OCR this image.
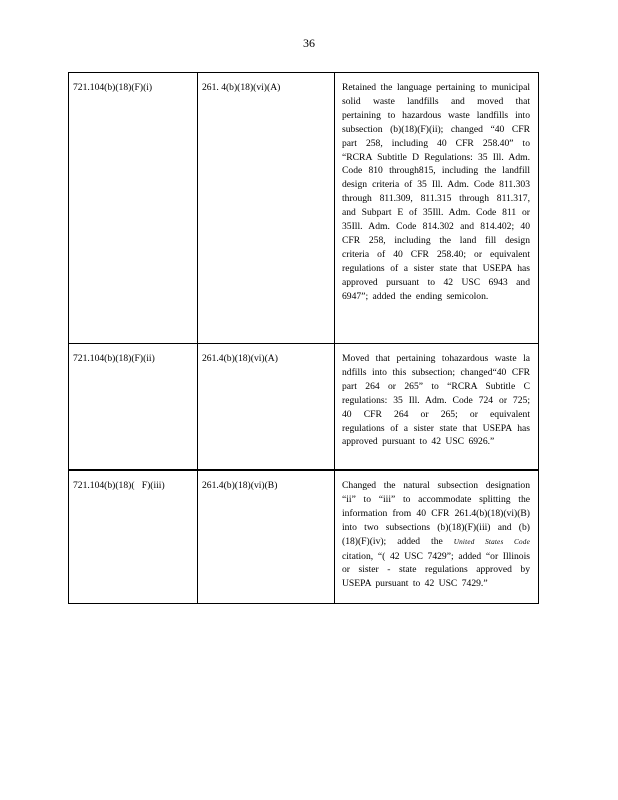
36
721.104(b)(18)(F)(i)	261. 4(b)(18)(vi)(A)	Retained the language pertaining to municipal solid waste landfills and moved that pertaining to hazardous waste landfills into subsection (b)(18)(F)(ii); changed “40 CFR part 258, including 40 CFR 258.40” to “RCRA Subtitle D Regulations: 35 Ill. Adm. Code 810 through815, including the landfill design criteria of 35 Ill. Adm. Code 811.303 through 811.309, 811.315 through 811.317, and Subpart E of 35Ill. Adm. Code 811 or 35Ill. Adm. Code 814.302 and 814.402; 40 CFR 258, including the land fill design criteria of 40 CFR 258.40; or equivalent regulations of a sister state that USEPA has approved pursuant to 42 USC 6943 and 6947”; added the ending semicolon.
721.104(b)(18)(F)(ii)	261.4(b)(18)(vi)(A)	Moved that pertaining tohazardous waste la ndfills into this subsection; changed“40 CFR part 264 or 265” to “RCRA Subtitle C regulations: 35 Ill. Adm. Code 724 or 725; 40 CFR 264 or 265; or equivalent regulations of a sister state that USEPA has approved pursuant to 42 USC 6926.”
721.104(b)(18)(   F)(iii)	261.4(b)(18)(vi)(B)	Changed the natural subsection designation “ii” to “iii” to accommodate splitting the information from 40 CFR 261.4(b)(18)(vi)(B) into two subsections (b)(18)(F)(iii) and (b)(18)(F)(iv); added the United States Code citation, “( 42 USC 7429”; added “or Illinois or sister - state regulations approved by USEPA pursuant to 42 USC 7429.”
